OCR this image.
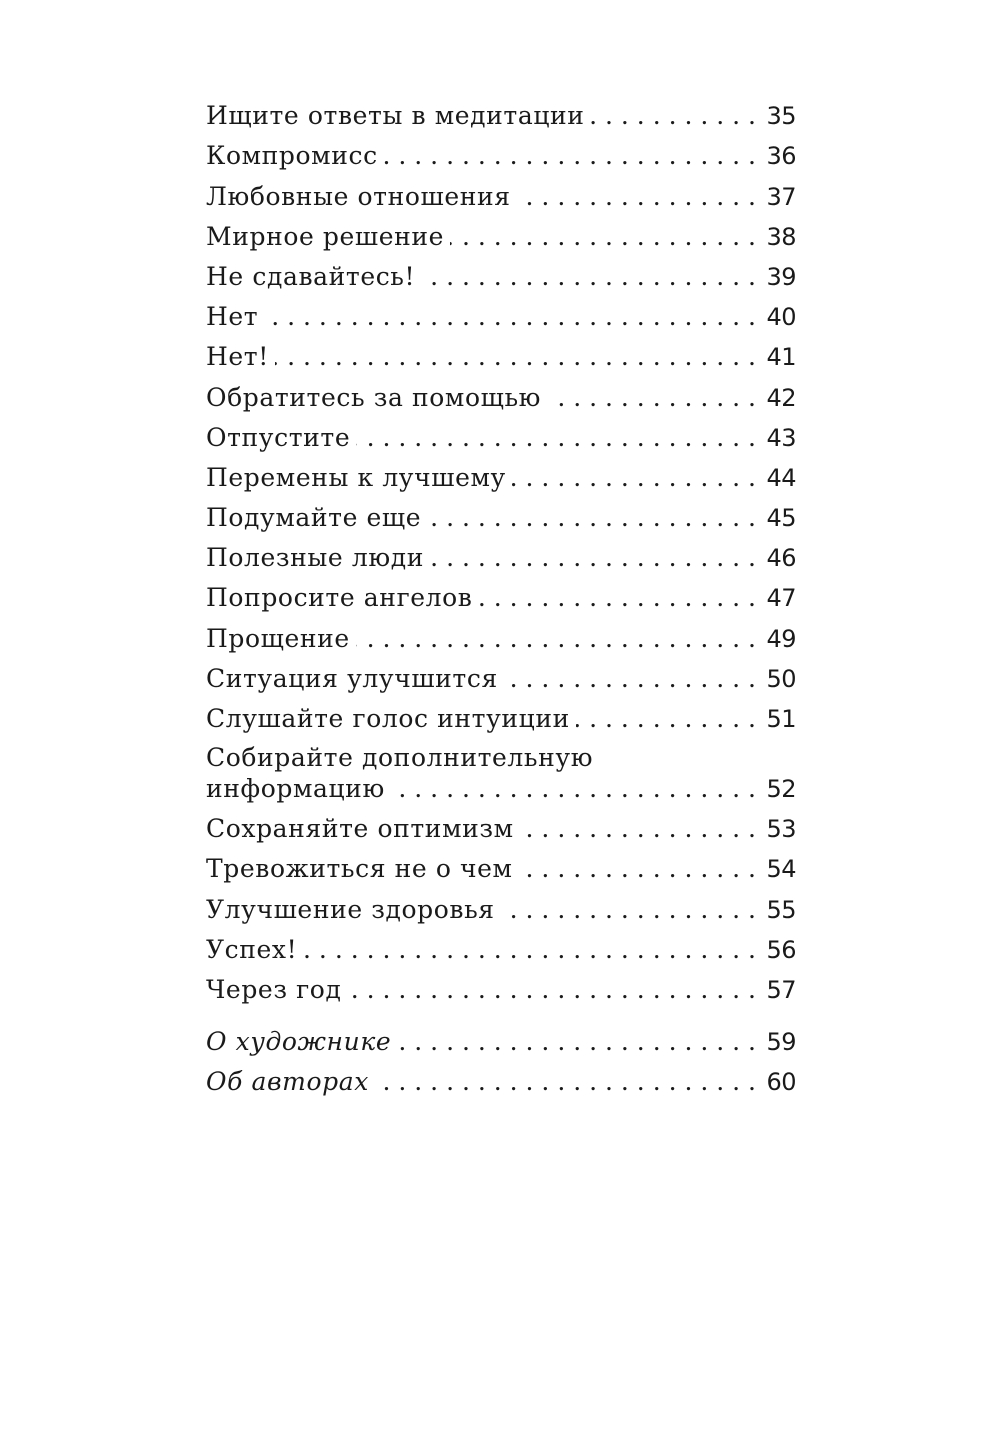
Ищите ответы в медитации . . .	35
Компромисс . . .	36
Любовные отношения . . .	37
Мирное решение . . .	38
Не сдавайтесь! . . .	39
Нет . . .	40
Нет! . . .	41
Обратитесь за помощью . . .	42
Отпустите . . .	43
Перемены к лучшему . . .	44
Подумайте еще . . .	45
Полезные люди . . .	46
Попросите ангелов . . .	47
Прощение . . .	49
Ситуация улучшится . . .	50
Слушайте голос интуиции . . .	51
Собирайте дополнительную
информацию . . .	52
Сохраняйте оптимизм . . .	53
Тревожиться не о чем . . .	54
Улучшение здоровья . . .	55
Успех! . . .	56
Через год . . .	57
О художнике . . .	59
Об авторах . . .	60
